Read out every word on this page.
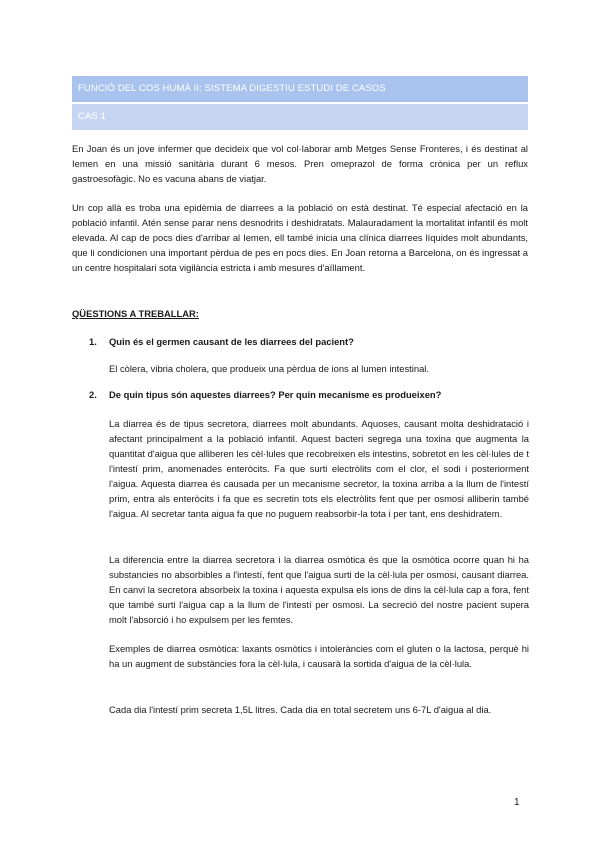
FUNCIÓ DEL COS HUMÀ II: SISTEMA DIGESTIU ESTUDI DE CASOS
CAS 1

En Joan és un jove infermer que decideix que vol col·laborar amb Metges Sense Fronteres, i és destinat al Iemen en una missió sanitària durant 6 mesos. Pren omeprazol de forma crònica per un reflux gastroesofàgic. No es vacuna abans de viatjar.

Un cop allà es troba una epidèmia de diarrees a la població on està destinat. Té especial afectació en la població infantil. Atén sense parar nens desnodrits i deshidratats. Malauradament la mortalitat infantil és molt elevada. Al cap de pocs dies d'arribar al Iemen, ell també inicia una clínica diarrees líquides molt abundants, que li condicionen una important pèrdua de pes en pocs dies. En Joan retorna a Barcelona, on és ingressat a un centre hospitalari sota vigilància estricta i amb mesures d'aïllament.

QÜESTIONS A TREBALLAR:

1. Quin és el germen causant de les diarrees del pacient?

El còlera, vibria cholera, que produeix una pèrdua de ions al lumen intestinal.

2. De quin tipus són aquestes diarrees? Per quin mecanisme es produeixen?

La diarrea és de tipus secretora, diarrees molt abundants. Aquoses, causant molta deshidratació i afectant principalment a la població infantil. Aquest bacteri segrega una toxina que augmenta la quantitat d'aigua que alliberen les cèl·lules que recobreixen els intestins, sobretot en les cèl·lules de t l'intestí prim, anomenades enteròcits. Fa que surti electròlits com el clor, el sodi i posteriorment l'aigua. Aquesta diarrea és causada per un mecanisme secretor, la toxina arriba a la llum de l'intestí prim, entra als enteròcits i fa que es secretin tots els electròlits fent que per osmosi alliberin també l'aigua. Al secretar tanta aigua fa que no puguem reabsorbir-la tota i per tant, ens deshidratem.

La diferencia entre la diarrea secretora i la diarrea osmòtica és que la osmòtica ocorre quan hi ha substancies no absorbibles a l'intestí, fent que l'aigua surti de la cèl·lula per osmosi, causant diarrea. En canvi la secretora absorbeix la toxina i aquesta expulsa els ions de dins la cèl·lula cap a fora, fent que també surti l'aigua cap a la llum de l'intestí per osmosi. La secreció del nostre pacient supera molt l'absorció i ho expulsem per les femtes.

Exemples de diarrea osmòtica: laxants osmòtics i intoleràncies com el gluten o la lactosa, perquè hi ha un augment de substàncies fora la cèl·lula, i causarà la sortida d'aigua de la cèl·lula.

Cada dia l'intestí prim secreta 1,5L litres. Cada dia en total secretem uns 6-7L d'aigua al dia.

1
